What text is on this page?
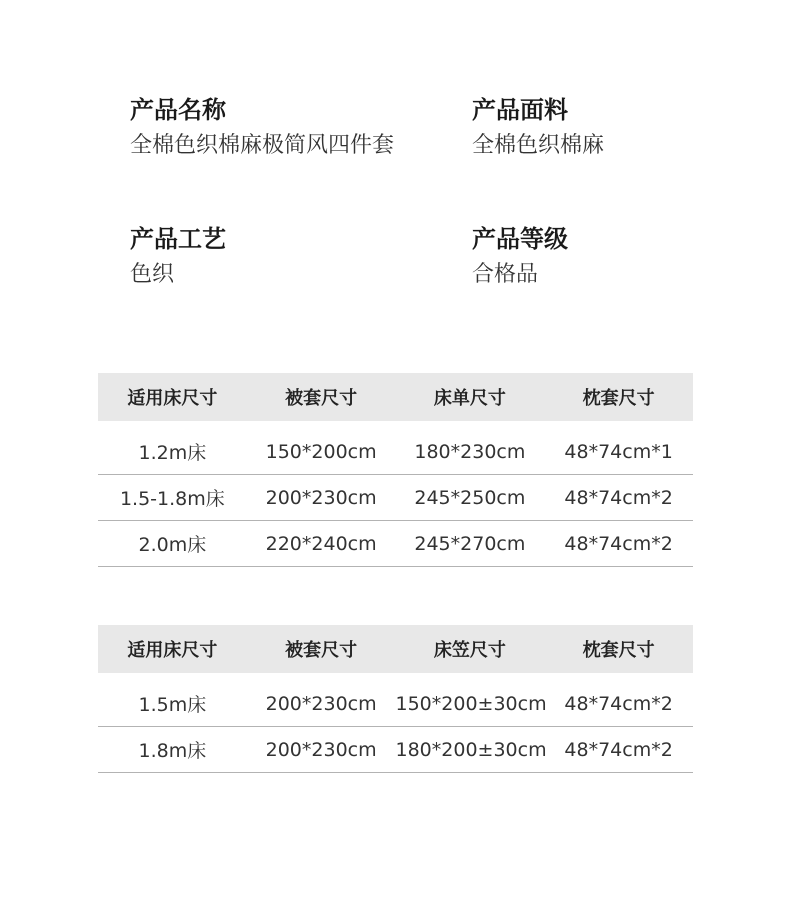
产品名称
全棉色织棉麻极简风四件套
产品面料
全棉色织棉麻
产品工艺
色织
产品等级
合格品
适用床尺寸	被套尺寸	床单尺寸	枕套尺寸

1.2m床	150*200cm	180*230cm	48*74cm*1
1.5-1.8m床	200*230cm	245*250cm	48*74cm*2
2.0m床	220*240cm	245*270cm	48*74cm*2
适用床尺寸	被套尺寸	床笠尺寸	枕套尺寸

1.5m床	200*230cm	150*200±30cm	48*74cm*2
1.8m床	200*230cm	180*200±30cm	48*74cm*2
